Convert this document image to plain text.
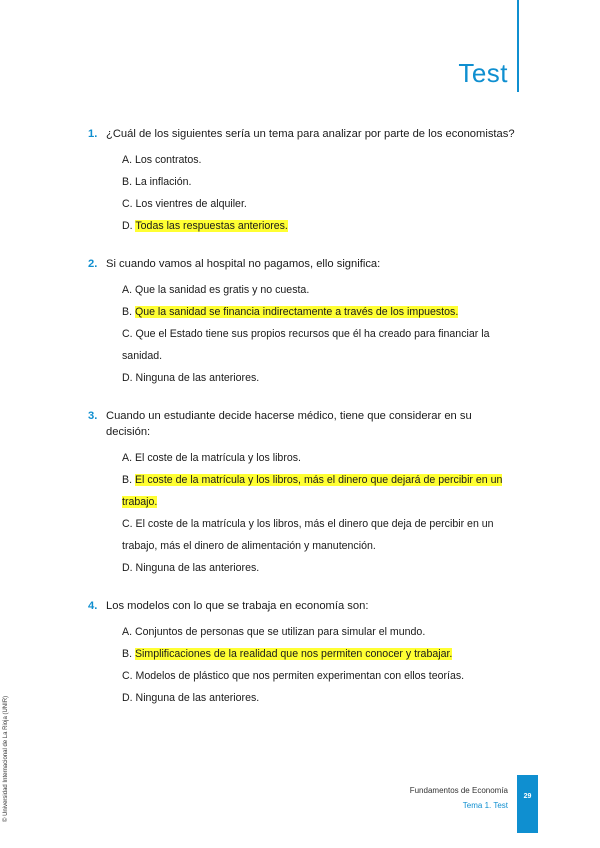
Test
1. ¿Cuál de los siguientes sería un tema para analizar por parte de los economistas?
A. Los contratos.
B. La inflación.
C. Los vientres de alquiler.
D. Todas las respuestas anteriores.
2. Si cuando vamos al hospital no pagamos, ello significa:
A. Que la sanidad es gratis y no cuesta.
B. Que la sanidad se financia indirectamente a través de los impuestos.
C. Que el Estado tiene sus propios recursos que él ha creado para financiar la sanidad.
D. Ninguna de las anteriores.
3. Cuando un estudiante decide hacerse médico, tiene que considerar en su decisión:
A. El coste de la matrícula y los libros.
B. El coste de la matrícula y los libros, más el dinero que dejará de percibir en un trabajo.
C. El coste de la matrícula y los libros, más el dinero que deja de percibir en un trabajo, más el dinero de alimentación y manutención.
D. Ninguna de las anteriores.
4. Los modelos con lo que se trabaja en economía son:
A. Conjuntos de personas que se utilizan para simular el mundo.
B. Simplificaciones de la realidad que nos permiten conocer y trabajar.
C. Modelos de plástico que nos permiten experimentan con ellos teorías.
D. Ninguna de las anteriores.
© Universidad Internacional de La Rioja (UNIR)	Fundamentos de Economía
Tema 1. Test
29
